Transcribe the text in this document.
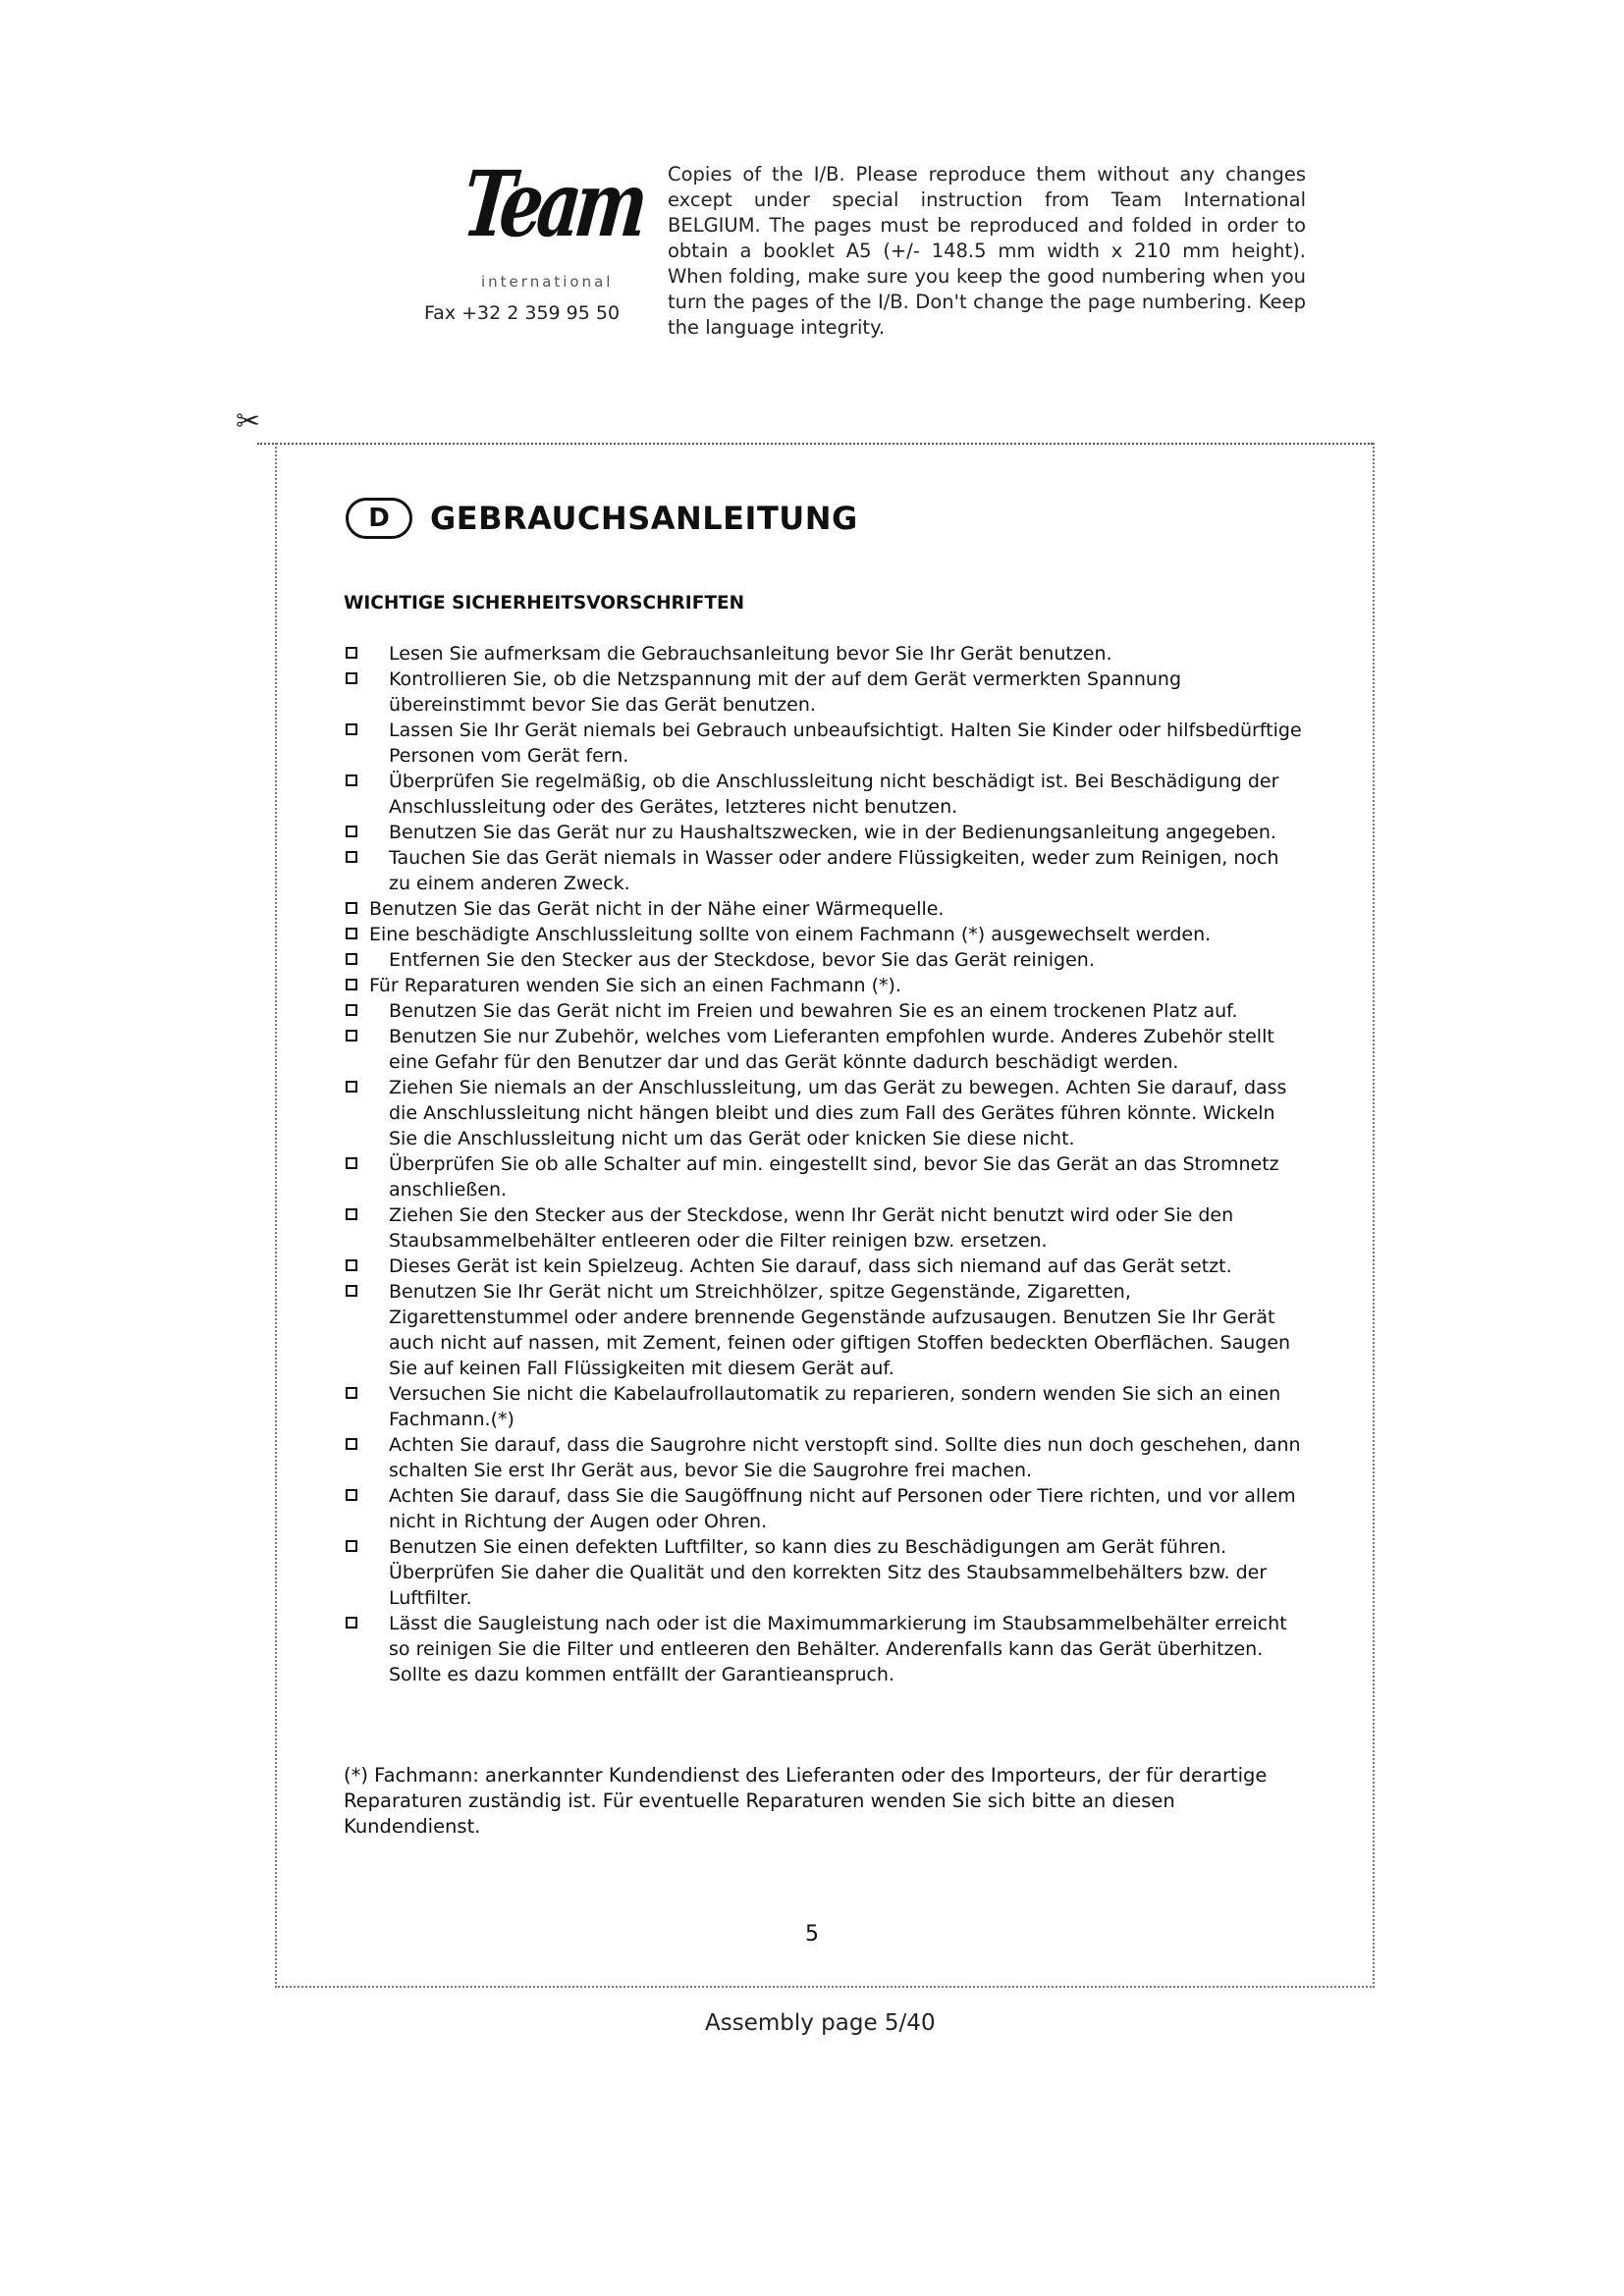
Team
international
Fax +32 2 359 95 50
Copies of the I/B. Please reproduce them without any changes except under special instruction from Team International BELGIUM. The pages must be reproduced and folded in order to obtain a booklet A5 (+/- 148.5 mm width x 210 mm height). When folding, make sure you keep the good numbering when you turn the pages of the I/B. Don't change the page numbering. Keep the language integrity.
✂
D	GEBRAUCHSANLEITUNG
WICHTIGE SICHERHEITSVORSCHRIFTEN
Lesen Sie aufmerksam die Gebrauchsanleitung bevor Sie Ihr Gerät benutzen.
Kontrollieren Sie, ob die Netzspannung mit der auf dem Gerät vermerkten Spannung übereinstimmt bevor Sie das Gerät benutzen.
Lassen Sie Ihr Gerät niemals bei Gebrauch unbeaufsichtigt. Halten Sie Kinder oder hilfsbedürftige Personen vom Gerät fern.
Überprüfen Sie regelmäßig, ob die Anschlussleitung nicht beschädigt ist. Bei Beschädigung der Anschlussleitung oder des Gerätes, letzteres nicht benutzen.
Benutzen Sie das Gerät nur zu Haushaltszwecken, wie in der Bedienungsanleitung angegeben.
Tauchen Sie das Gerät niemals in Wasser oder andere Flüssigkeiten, weder zum Reinigen, noch zu einem anderen Zweck.
Benutzen Sie das Gerät nicht in der Nähe einer Wärmequelle.
Eine beschädigte Anschlussleitung sollte von einem Fachmann (*) ausgewechselt werden.
Entfernen Sie den Stecker aus der Steckdose, bevor Sie das Gerät reinigen.
Für Reparaturen wenden Sie sich an einen Fachmann (*).
Benutzen Sie das Gerät nicht im Freien und bewahren Sie es an einem trockenen Platz auf.
Benutzen Sie nur Zubehör, welches vom Lieferanten empfohlen wurde. Anderes Zubehör stellt eine Gefahr für den Benutzer dar und das Gerät könnte dadurch beschädigt werden.
Ziehen Sie niemals an der Anschlussleitung, um das Gerät zu bewegen. Achten Sie darauf, dass die Anschlussleitung nicht hängen bleibt und dies zum Fall des Gerätes führen könnte. Wickeln Sie die Anschlussleitung nicht um das Gerät oder knicken Sie diese nicht.
Überprüfen Sie ob alle Schalter auf min. eingestellt sind, bevor Sie das Gerät an das Stromnetz anschließen.
Ziehen Sie den Stecker aus der Steckdose, wenn Ihr Gerät nicht benutzt wird oder Sie den Staubsammelbehälter entleeren oder die Filter reinigen bzw. ersetzen.
Dieses Gerät ist kein Spielzeug. Achten Sie darauf, dass sich niemand auf das Gerät setzt.
Benutzen Sie Ihr Gerät nicht um Streichhölzer, spitze Gegenstände, Zigaretten, Zigarettenstummel oder andere brennende Gegenstände aufzusaugen. Benutzen Sie Ihr Gerät auch nicht auf nassen, mit Zement, feinen oder giftigen Stoffen bedeckten Oberflächen. Saugen Sie auf keinen Fall Flüssigkeiten mit diesem Gerät auf.
Versuchen Sie nicht die Kabelaufrollautomatik zu reparieren, sondern wenden Sie sich an einen Fachmann.(*)
Achten Sie darauf, dass die Saugrohre nicht verstopft sind. Sollte dies nun doch geschehen, dann schalten Sie erst Ihr Gerät aus, bevor Sie die Saugrohre frei machen.
Achten Sie darauf, dass Sie die Saugöffnung nicht auf Personen oder Tiere richten, und vor allem nicht in Richtung der Augen oder Ohren.
Benutzen Sie einen defekten Luftfilter, so kann dies zu Beschädigungen am Gerät führen. Überprüfen Sie daher die Qualität und den korrekten Sitz des Staubsammelbehälters bzw. der Luftfilter.
Lässt die Saugleistung nach oder ist die Maximummarkierung im Staubsammelbehälter erreicht so reinigen Sie die Filter und entleeren den Behälter. Anderenfalls kann das Gerät überhitzen. Sollte es dazu kommen entfällt der Garantieanspruch.
(*) Fachmann: anerkannter Kundendienst des Lieferanten oder des Importeurs, der für derartige Reparaturen zuständig ist. Für eventuelle Reparaturen wenden Sie sich bitte an diesen Kundendienst.
5
Assembly page 5/40
